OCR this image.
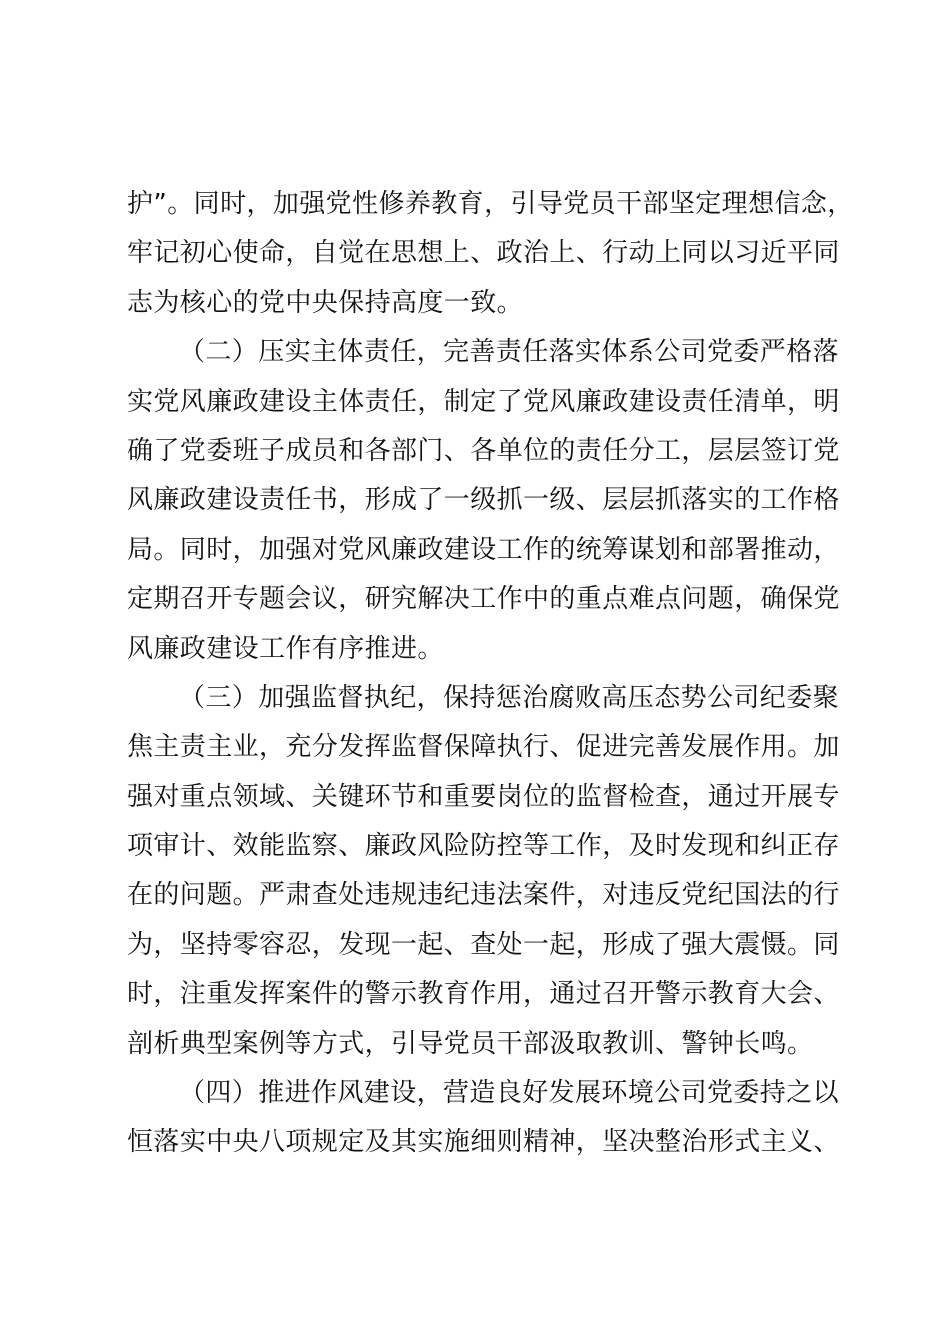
护”。同时，加强党性修养教育，引导党员干部坚定理想信念，
牢记初心使命，自觉在思想上、政治上、行动上同以习近平同
志为核心的党中央保持高度一致。
（二）压实主体责任，完善责任落实体系公司党委严格落
实党风廉政建设主体责任，制定了党风廉政建设责任清单，明
确了党委班子成员和各部门、各单位的责任分工，层层签订党
风廉政建设责任书，形成了一级抓一级、层层抓落实的工作格
局。同时，加强对党风廉政建设工作的统筹谋划和部署推动，
定期召开专题会议，研究解决工作中的重点难点问题，确保党
风廉政建设工作有序推进。
（三）加强监督执纪，保持惩治腐败高压态势公司纪委聚
焦主责主业，充分发挥监督保障执行、促进完善发展作用。加
强对重点领域、关键环节和重要岗位的监督检查，通过开展专
项审计、效能监察、廉政风险防控等工作，及时发现和纠正存
在的问题。严肃查处违规违纪违法案件，对违反党纪国法的行
为，坚持零容忍，发现一起、查处一起，形成了强大震慑。同
时，注重发挥案件的警示教育作用，通过召开警示教育大会、
剖析典型案例等方式，引导党员干部汲取教训、警钟长鸣。
（四）推进作风建设，营造良好发展环境公司党委持之以
恒落实中央八项规定及其实施细则精神，坚决整治形式主义、
